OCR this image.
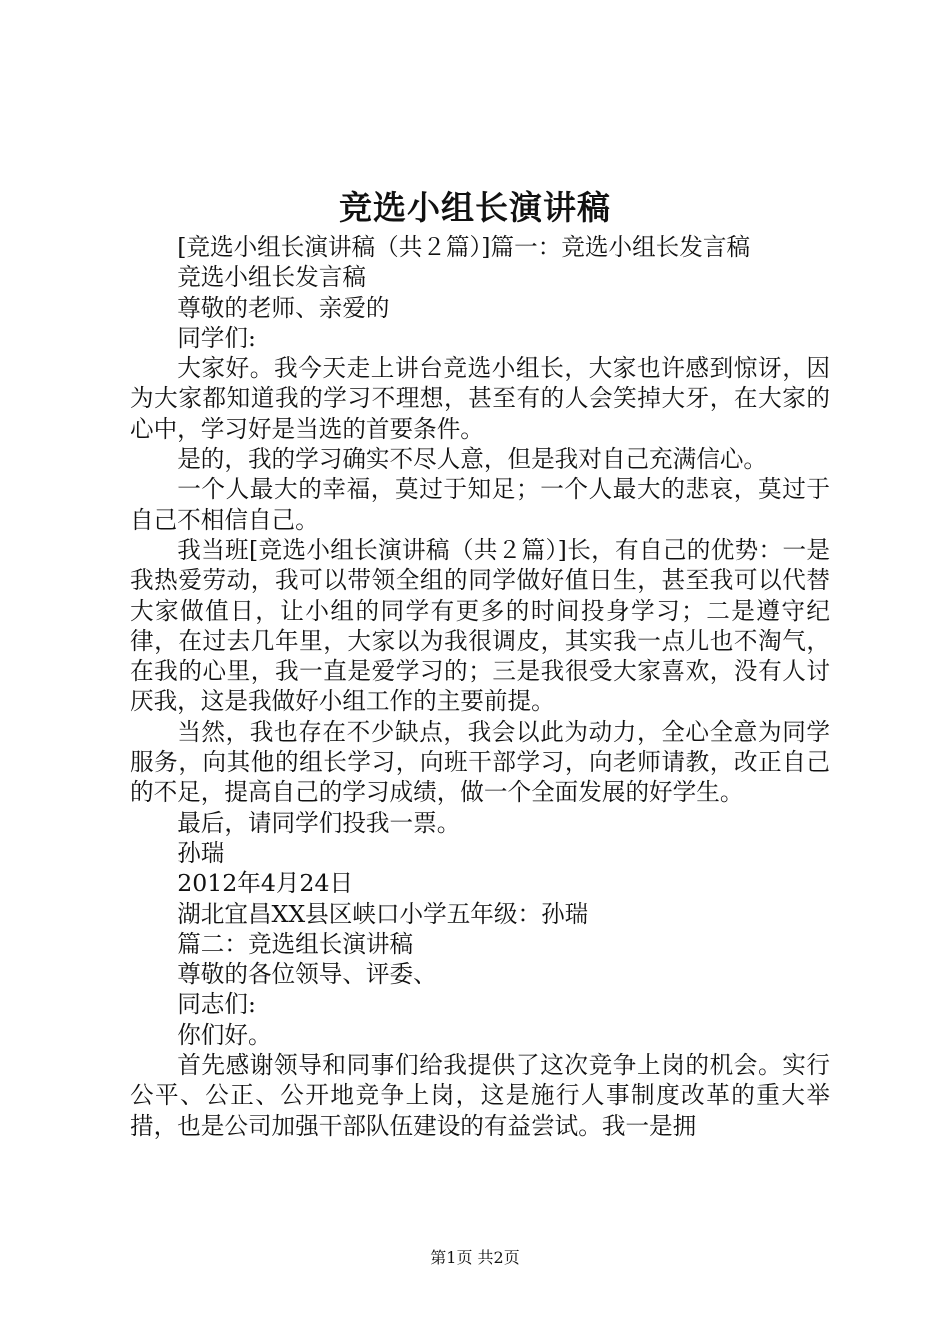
竞选小组长演讲稿

[竞选小组长演讲稿（共２篇）]篇一：竞选小组长发言稿

竞选小组长发言稿

尊敬的老师、亲爱的

同学们:

大家好。我今天走上讲台竞选小组长，大家也许感到惊讶，因为大家都知道我的学习不理想，甚至有的人会笑掉大牙，在大家的心中，学习好是当选的首要条件。

是的，我的学习确实不尽人意，但是我对自己充满信心。

一个人最大的幸福，莫过于知足；一个人最大的悲哀，莫过于自己不相信自己。

我当班[竞选小组长演讲稿（共２篇）]长，有自己的优势：一是我热爱劳动，我可以带领全组的同学做好值日生，甚至我可以代替大家做值日，让小组的同学有更多的时间投身学习；二是遵守纪律，在过去几年里，大家以为我很调皮，其实我一点儿也不淘气，在我的心里，我一直是爱学习的；三是我很受大家喜欢，没有人讨厌我，这是我做好小组工作的主要前提。

当然，我也存在不少缺点，我会以此为动力，全心全意为同学服务，向其他的组长学习，向班干部学习，向老师请教，改正自己的不足，提高自己的学习成绩，做一个全面发展的好学生。

最后，请同学们投我一票。

孙瑞

2012年4月24日

湖北宜昌XX县区峡口小学五年级：孙瑞

篇二：竞选组长演讲稿

尊敬的各位领导、评委、

同志们:

你们好。

首先感谢领导和同事们给我提供了这次竞争上岗的机会。实行公平、公正、公开地竞争上岗，这是施行人事制度改革的重大举措，也是公司加强干部队伍建设的有益尝试。我一是拥

第1页 共2页
